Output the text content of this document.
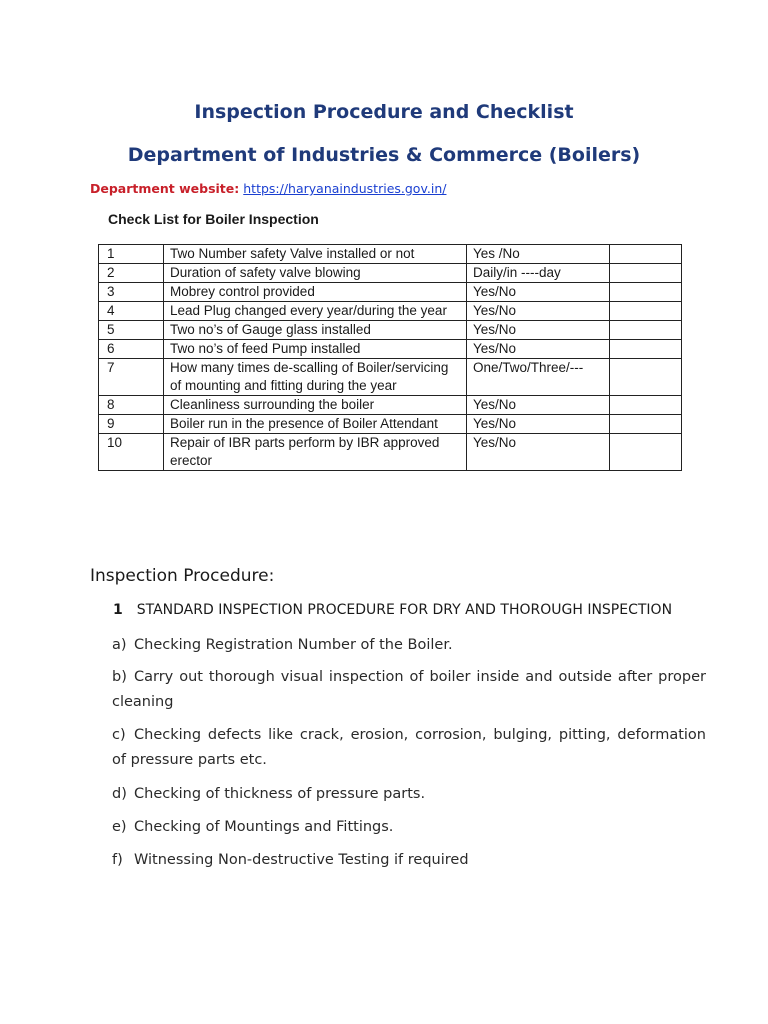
Inspection Procedure and Checklist
Department of Industries & Commerce (Boilers)
Department website: https://haryanaindustries.gov.in/
Check List for Boiler Inspection
1	Two Number safety Valve installed or not	Yes /No	
2	Duration of safety valve blowing	Daily/in ----day	
3	Mobrey control provided	Yes/No	
4	Lead Plug changed every year/during the year	Yes/No	
5	Two no’s of Gauge glass installed	Yes/No	
6	Two no’s of feed Pump installed	Yes/No	
7	How many times de-scalling of Boiler/servicing of mounting and fitting during the year	One/Two/Three/---	
8	Cleanliness surrounding the boiler	Yes/No	
9	Boiler run in the presence of Boiler Attendant	Yes/No	
10	Repair of IBR parts perform by IBR approved erector	Yes/No	
Inspection Procedure:
1 STANDARD INSPECTION PROCEDURE FOR DRY AND THOROUGH INSPECTION
a) Checking Registration Number of the Boiler.
b) Carry out thorough visual inspection of boiler inside and outside after proper cleaning
c) Checking defects like crack, erosion, corrosion, bulging, pitting, deformation of pressure parts etc.
d) Checking of thickness of pressure parts.
e) Checking of Mountings and Fittings.
f) Witnessing Non-destructive Testing if required
